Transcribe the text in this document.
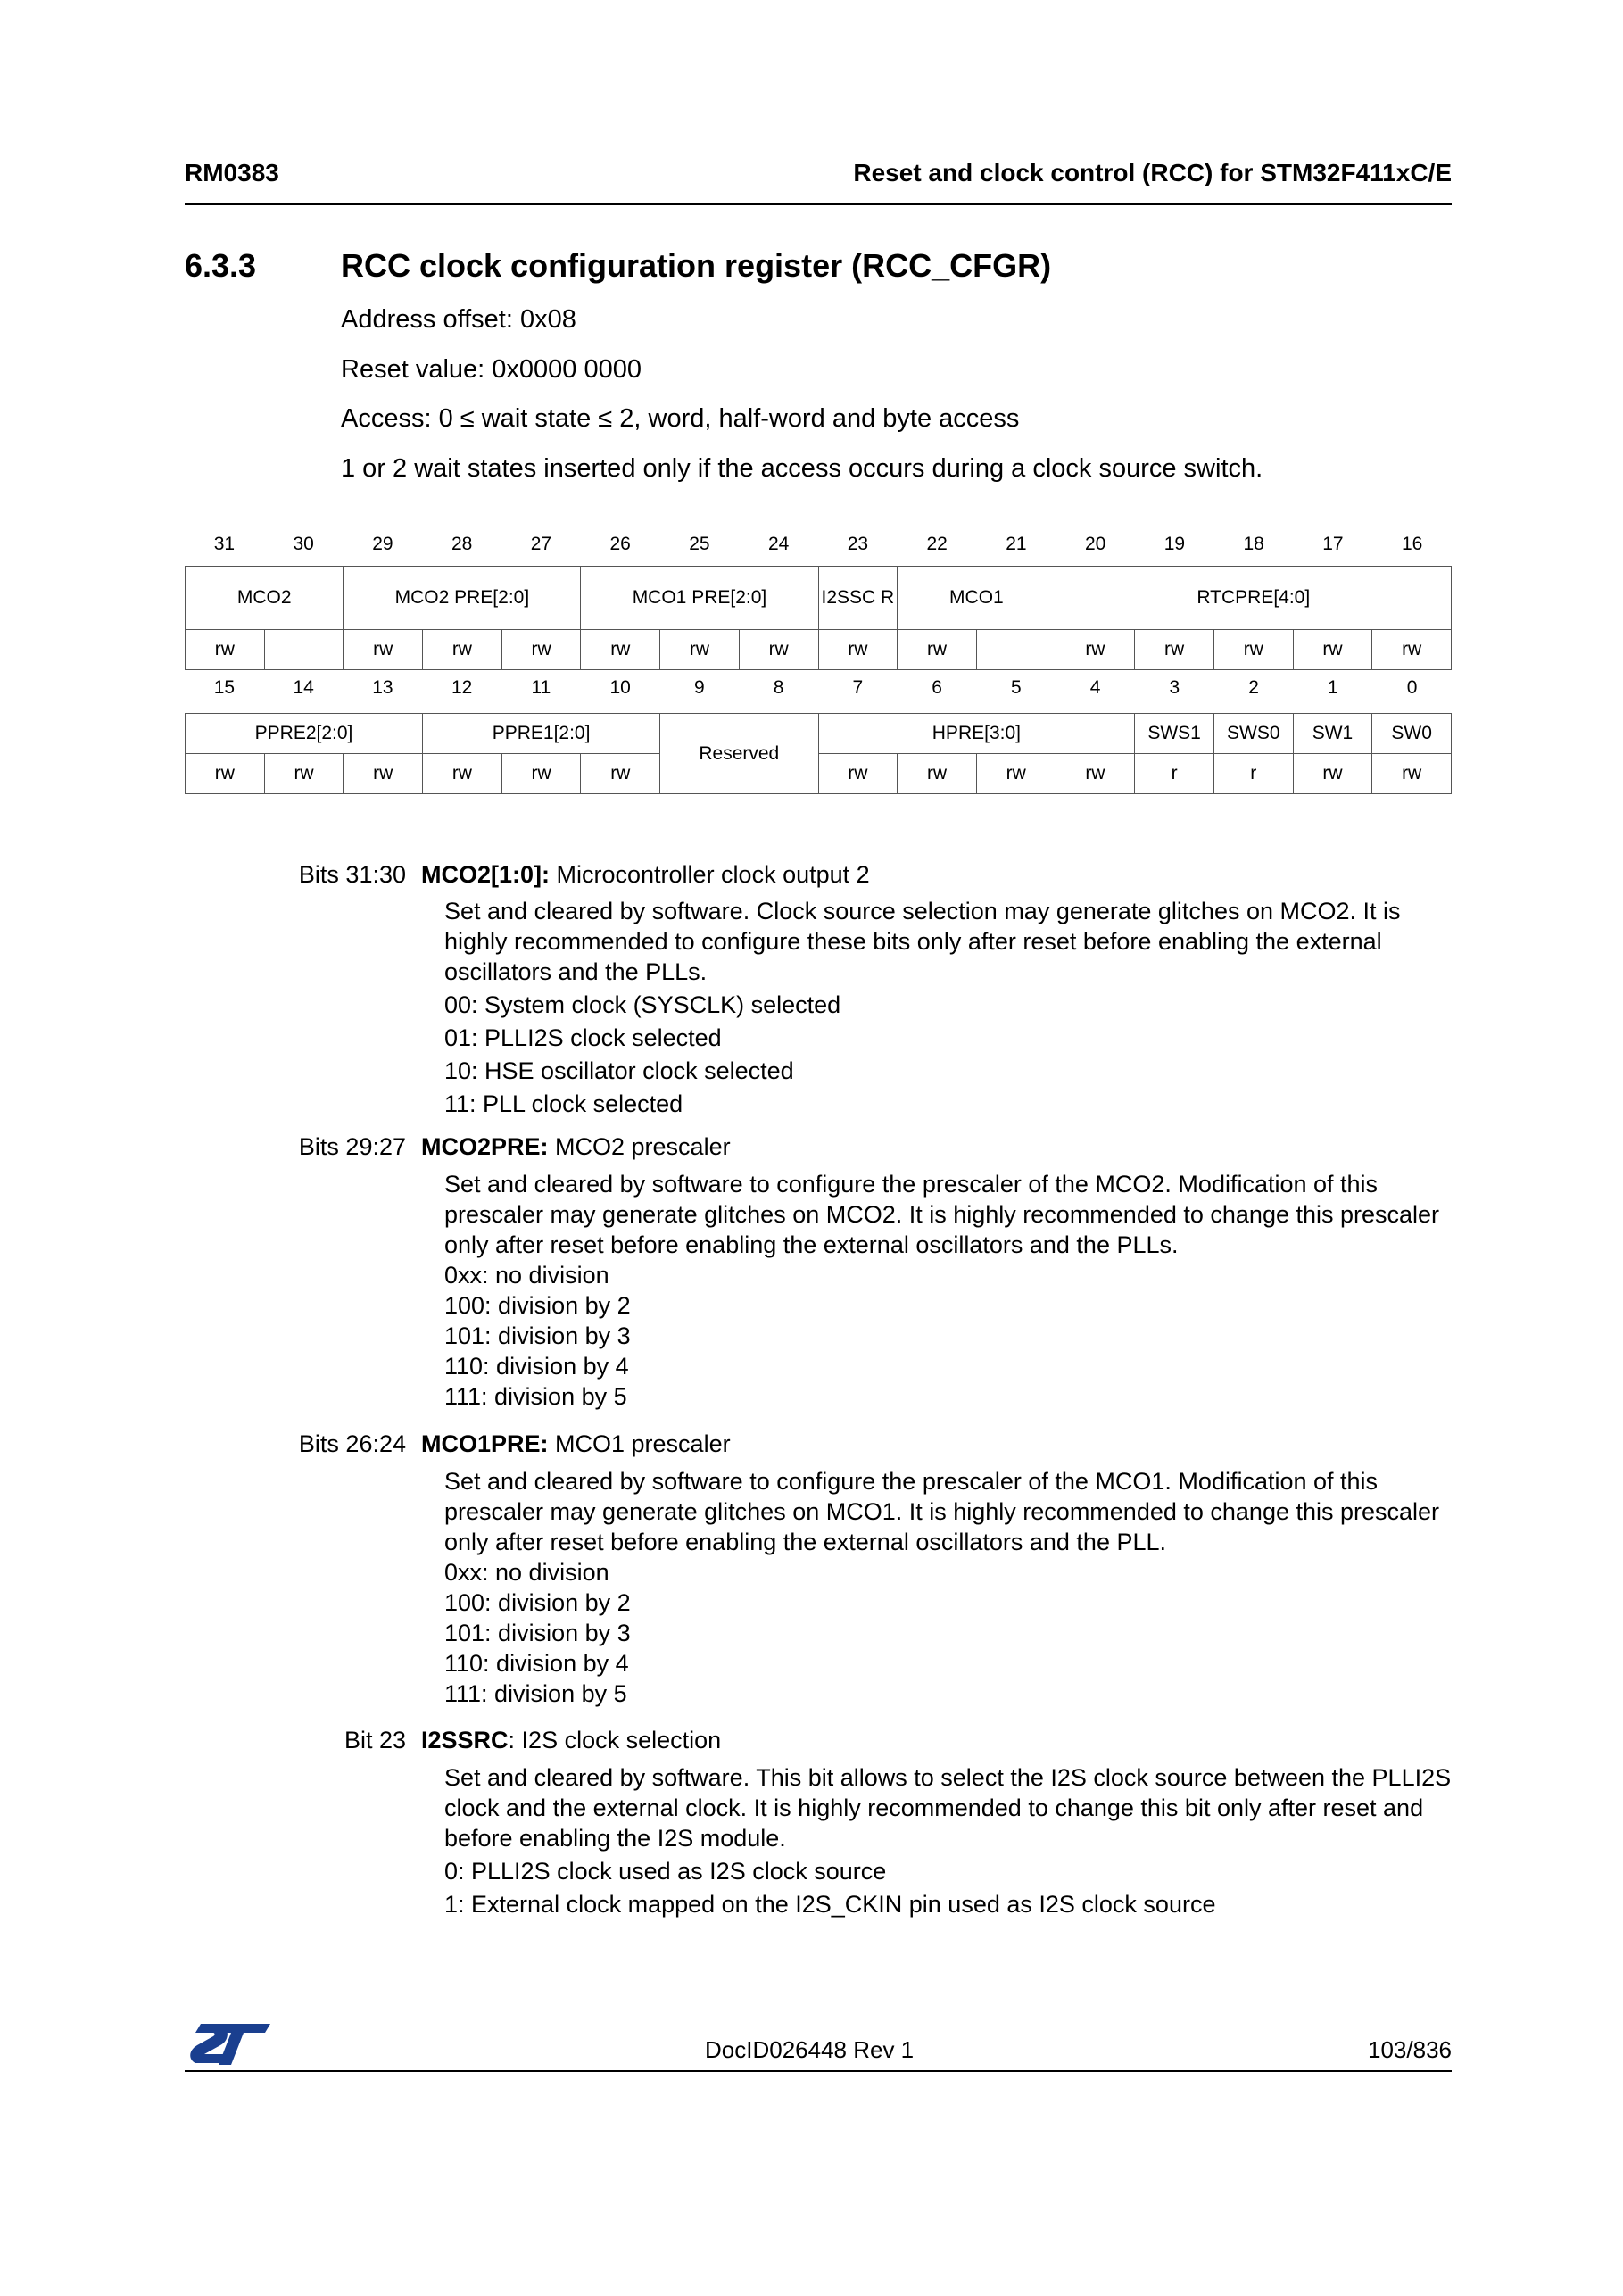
RM0383	Reset and clock control (RCC) for STM32F411xC/E
6.3.3	RCC clock configuration register (RCC_CFGR)
Address offset: 0x08
Reset value: 0x0000 0000
Access: 0 ≤ wait state ≤ 2, word, half-word and byte access
1 or 2 wait states inserted only if the access occurs during a clock source switch.
31	30	29	28	27	26	25	24	23	22	21	20	19	18	17	16
MCO2		MCO2 PRE[2:0]			MCO1 PRE[2:0]			I2SSC R	MCO1		RTCPRE[4:0]				
rw		rw	rw	rw	rw	rw	rw	rw	rw		rw	rw	rw	rw	rw
15	14	13	12	11	10	9	8	7	6	5	4	3	2	1	0
PPRE2[2:0]			PPRE1[2:0]			Reserved	HPRE[3:0]				SWS1	SWS0	SW1	SW0
rw	rw	rw	rw	rw	rw		rw	rw	rw	rw	r	r	rw	rw
Bits 31:30 MCO2[1:0]: Microcontroller clock output 2

Set and cleared by software. Clock source selection may generate glitches on MCO2. It is highly recommended to configure these bits only after reset before enabling the external oscillators and the PLLs.

00: System clock (SYSCLK) selected

01: PLLI2S clock selected

10: HSE oscillator clock selected

11: PLL clock selected

Bits 29:27 MCO2PRE: MCO2 prescaler

Set and cleared by software to configure the prescaler of the MCO2. Modification of this prescaler may generate glitches on MCO2. It is highly recommended to change this prescaler only after reset before enabling the external oscillators and the PLLs.

0xx: no division

100: division by 2

101: division by 3

110: division by 4

111: division by 5

Bits 26:24 MCO1PRE: MCO1 prescaler

Set and cleared by software to configure the prescaler of the MCO1. Modification of this prescaler may generate glitches on MCO1. It is highly recommended to change this prescaler only after reset before enabling the external oscillators and the PLL.

0xx: no division

100: division by 2

101: division by 3

110: division by 4

111: division by 5

Bit 23 I2SSRC: I2S clock selection

Set and cleared by software. This bit allows to select the I2S clock source between the PLLI2S clock and the external clock. It is highly recommended to change this bit only after reset and before enabling the I2S module.

0: PLLI2S clock used as I2S clock source

1: External clock mapped on the I2S_CKIN pin used as I2S clock source

DocID026448 Rev 1	103/836
